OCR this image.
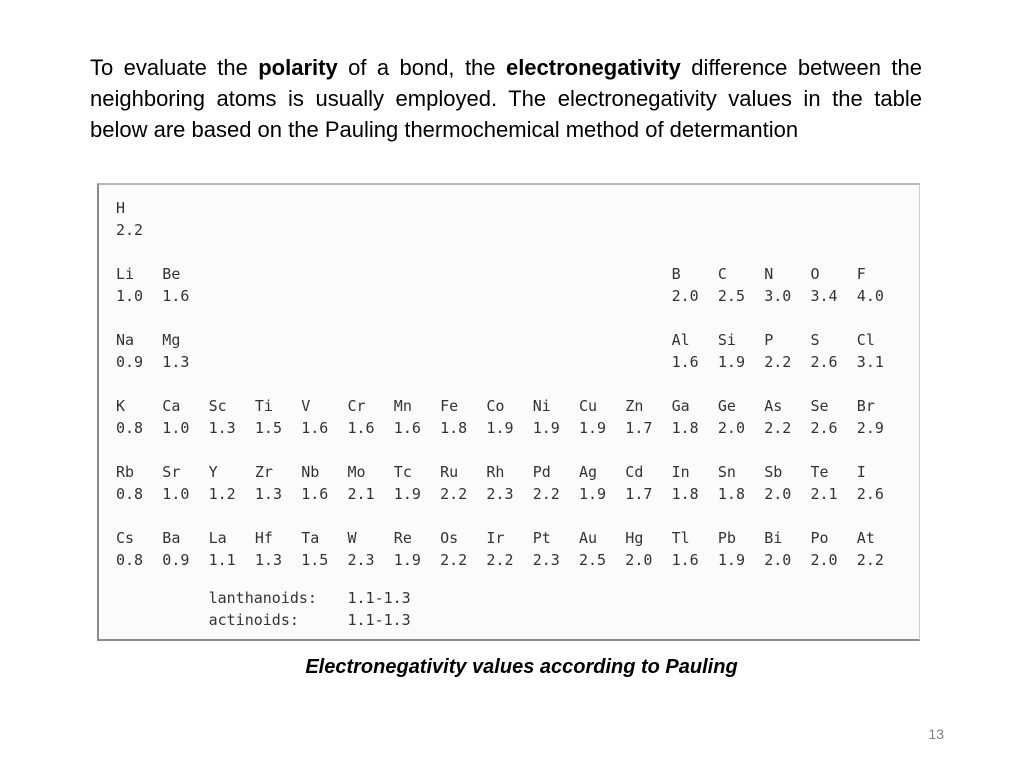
To evaluate the polarity of a bond, the electronegativity difference between the neighboring atoms is usually employed. The electronegativity values in the table below are based on the Pauling thermochemical method of determantion

H
2.2
Li
1.0
Be
1.6
B
2.0
C
2.5
N
3.0
O
3.4
F
4.0
Na
0.9
Mg
1.3
Al
1.6
Si
1.9
P
2.2
S
2.6
Cl
3.1
K
0.8
Ca
1.0
Sc
1.3
Ti
1.5
V
1.6
Cr
1.6
Mn
1.6
Fe
1.8
Co
1.9
Ni
1.9
Cu
1.9
Zn
1.7
Ga
1.8
Ge
2.0
As
2.2
Se
2.6
Br
2.9
Rb
0.8
Sr
1.0
Y
1.2
Zr
1.3
Nb
1.6
Mo
2.1
Tc
1.9
Ru
2.2
Rh
2.3
Pd
2.2
Ag
1.9
Cd
1.7
In
1.8
Sn
1.8
Sb
2.0
Te
2.1
I
2.6
Cs
0.8
Ba
0.9
La
1.1
Hf
1.3
Ta
1.5
W
2.3
Re
1.9
Os
2.2
Ir
2.2
Pt
2.3
Au
2.5
Hg
2.0
Tl
1.6
Pb
1.9
Bi
2.0
Po
2.0
At
2.2
lanthanoids: 1.1-1.3
actinoids:	1.1-1.3
Electronegativity values according to Pauling
13
